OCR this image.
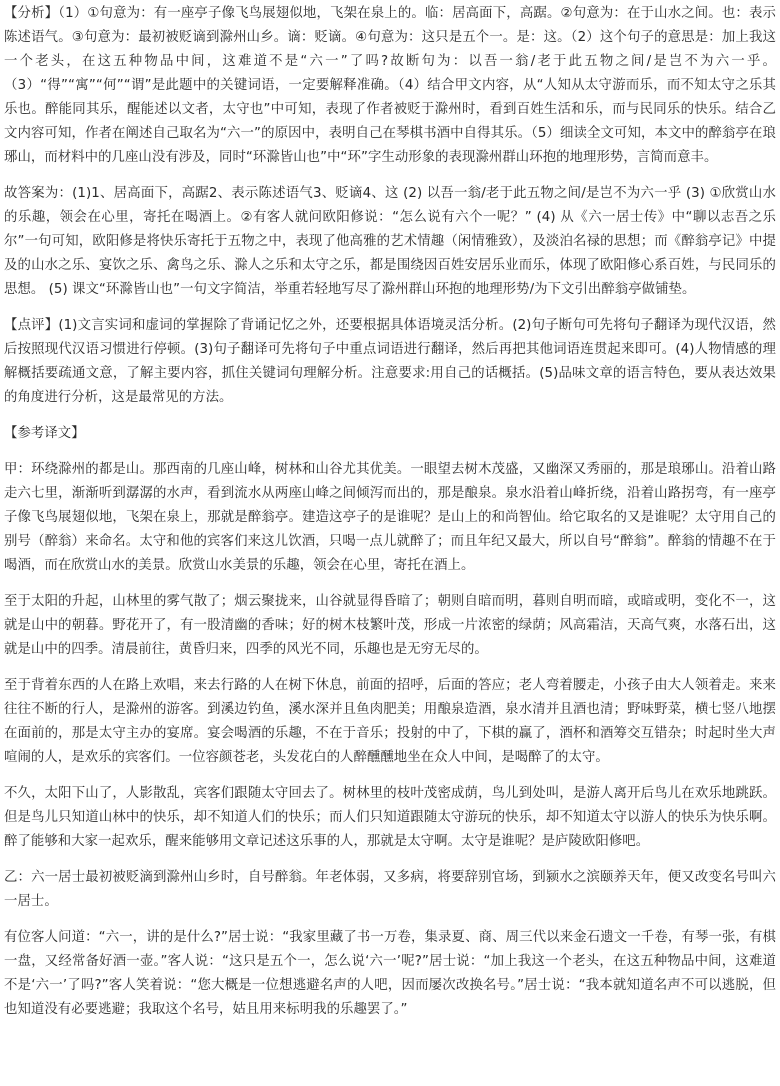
【分析】（1）①句意为：有一座亭子像飞鸟展翅似地，飞架在泉上的。临：居高面下，高踞。②句意为：在于山水之间。也：表示陈述语气。③句意为：最初被贬谪到滁州山乡。谪：贬谪。④句意为：这只是五个一。是：这。（2）这个句子的意思是：加上我这一个老头，在这五种物品中间，这难道不是“六一”了吗?故断句为：以吾一翁/老于此五物之间/是岂不为六一乎。（3）“得”“寓”“何”“谓”是此题中的关键词语，一定要解释准确。（4）结合甲文内容，从“人知从太守游而乐，而不知太守之乐其乐也。醉能同其乐，醒能述以文者，太守也”中可知，表现了作者被贬于滁州时，看到百姓生活和乐，而与民同乐的快乐。结合乙文内容可知，作者在阐述自己取名为“六一”的原因中，表明自己在琴棋书酒中自得其乐。（5）细读全文可知，本文中的醉翁亭在琅琊山，而材料中的几座山没有涉及，同时“环滁皆山也”中“环”字生动形象的表现滁州群山环抱的地理形势，言简而意丰。

故答案为：(1)1、居高面下，高踞2、表示陈述语气3、贬谪4、这 (2) 以吾一翁/老于此五物之间/是岂不为六一乎 (3) ①欣赏山水的乐趣，领会在心里，寄托在喝酒上。②有客人就问欧阳修说：“怎么说有六个一呢？” (4) 从《六一居士传》中“聊以志吾之乐尔”一句可知，欧阳修是将快乐寄托于五物之中，表现了他高雅的艺术情趣（闲情雅致），及淡泊名禄的思想；而《醉翁亭记》中提及的山水之乐、宴饮之乐、禽鸟之乐、滁人之乐和太守之乐，都是围绕因百姓安居乐业而乐，体现了欧阳修心系百姓，与民同乐的思想。 (5) 课文“环滁皆山也”一句文字简洁，举重若轻地写尽了滁州群山环抱的地理形势/为下文引出醉翁亭做铺垫。

【点评】(1)文言实词和虚词的掌握除了背诵记忆之外，还要根据具体语境灵活分析。(2)句子断句可先将句子翻译为现代汉语，然后按照现代汉语习惯进行停顿。(3)句子翻译可先将句子中重点词语进行翻译，然后再把其他词语连贯起来即可。(4)人物情感的理解概括要疏通文意，了解主要内容，抓住关键词句理解分析。注意要求:用自己的话概括。(5)品味文章的语言特色，要从表达效果的角度进行分析，这是最常见的方法。

【参考译文】

甲：环绕滁州的都是山。那西南的几座山峰，树林和山谷尤其优美。一眼望去树木茂盛，又幽深又秀丽的，那是琅琊山。沿着山路走六七里，渐渐听到潺潺的水声，看到流水从两座山峰之间倾泻而出的，那是酿泉。泉水沿着山峰折绕，沿着山路拐弯，有一座亭子像飞鸟展翅似地，飞架在泉上，那就是醉翁亭。建造这亭子的是谁呢？是山上的和尚智仙。给它取名的又是谁呢？太守用自己的别号（醉翁）来命名。太守和他的宾客们来这儿饮酒，只喝一点儿就醉了；而且年纪又最大，所以自号“醉翁”。醉翁的情趣不在于喝酒，而在欣赏山水的美景。欣赏山水美景的乐趣，领会在心里，寄托在酒上。

至于太阳的升起，山林里的雾气散了；烟云聚拢来，山谷就显得昏暗了；朝则自暗而明，暮则自明而暗，或暗或明，变化不一，这就是山中的朝暮。野花开了，有一股清幽的香味；好的树木枝繁叶茂，形成一片浓密的绿荫；风高霜洁，天高气爽，水落石出，这就是山中的四季。清晨前往，黄昏归来，四季的风光不同，乐趣也是无穷无尽的。

至于背着东西的人在路上欢唱，来去行路的人在树下休息，前面的招呼，后面的答应；老人弯着腰走，小孩子由大人领着走。来来往往不断的行人，是滁州的游客。到溪边钓鱼，溪水深并且鱼肉肥美；用酿泉造酒，泉水清并且酒也清；野味野菜，横七竖八地摆在面前的，那是太守主办的宴席。宴会喝酒的乐趣，不在于音乐；投射的中了，下棋的赢了，酒杯和酒筹交互错杂；时起时坐大声喧闹的人，是欢乐的宾客们。一位容颜苍老，头发花白的人醉醺醺地坐在众人中间，是喝醉了的太守。

不久，太阳下山了，人影散乱，宾客们跟随太守回去了。树林里的枝叶茂密成荫，鸟儿到处叫，是游人离开后鸟儿在欢乐地跳跃。但是鸟儿只知道山林中的快乐，却不知道人们的快乐；而人们只知道跟随太守游玩的快乐，却不知道太守以游人的快乐为快乐啊。醉了能够和大家一起欢乐，醒来能够用文章记述这乐事的人，那就是太守啊。太守是谁呢？是庐陵欧阳修吧。

乙：六一居士最初被贬滴到滁州山乡时，自号醉翁。年老体弱，又多病，将要辞别官场，到颍水之滨颐养天年，便又改变名号叫六一居士。

有位客人问道：“六一，讲的是什么?”居士说：“我家里藏了书一万卷，集录夏、商、周三代以来金石遗文一千卷，有琴一张，有棋一盘，又经常备好酒一壶。”客人说：“这只是五个一，怎么说‘六一’呢?”居士说：“加上我这一个老头，在这五种物品中间，这难道不是‘六一’了吗?”客人笑着说：“您大概是一位想逃避名声的人吧，因而屡次改换名号。”居士说：“我本就知道名声不可以逃脱，但也知道没有必要逃避；我取这个名号，姑且用来标明我的乐趣罢了。”
